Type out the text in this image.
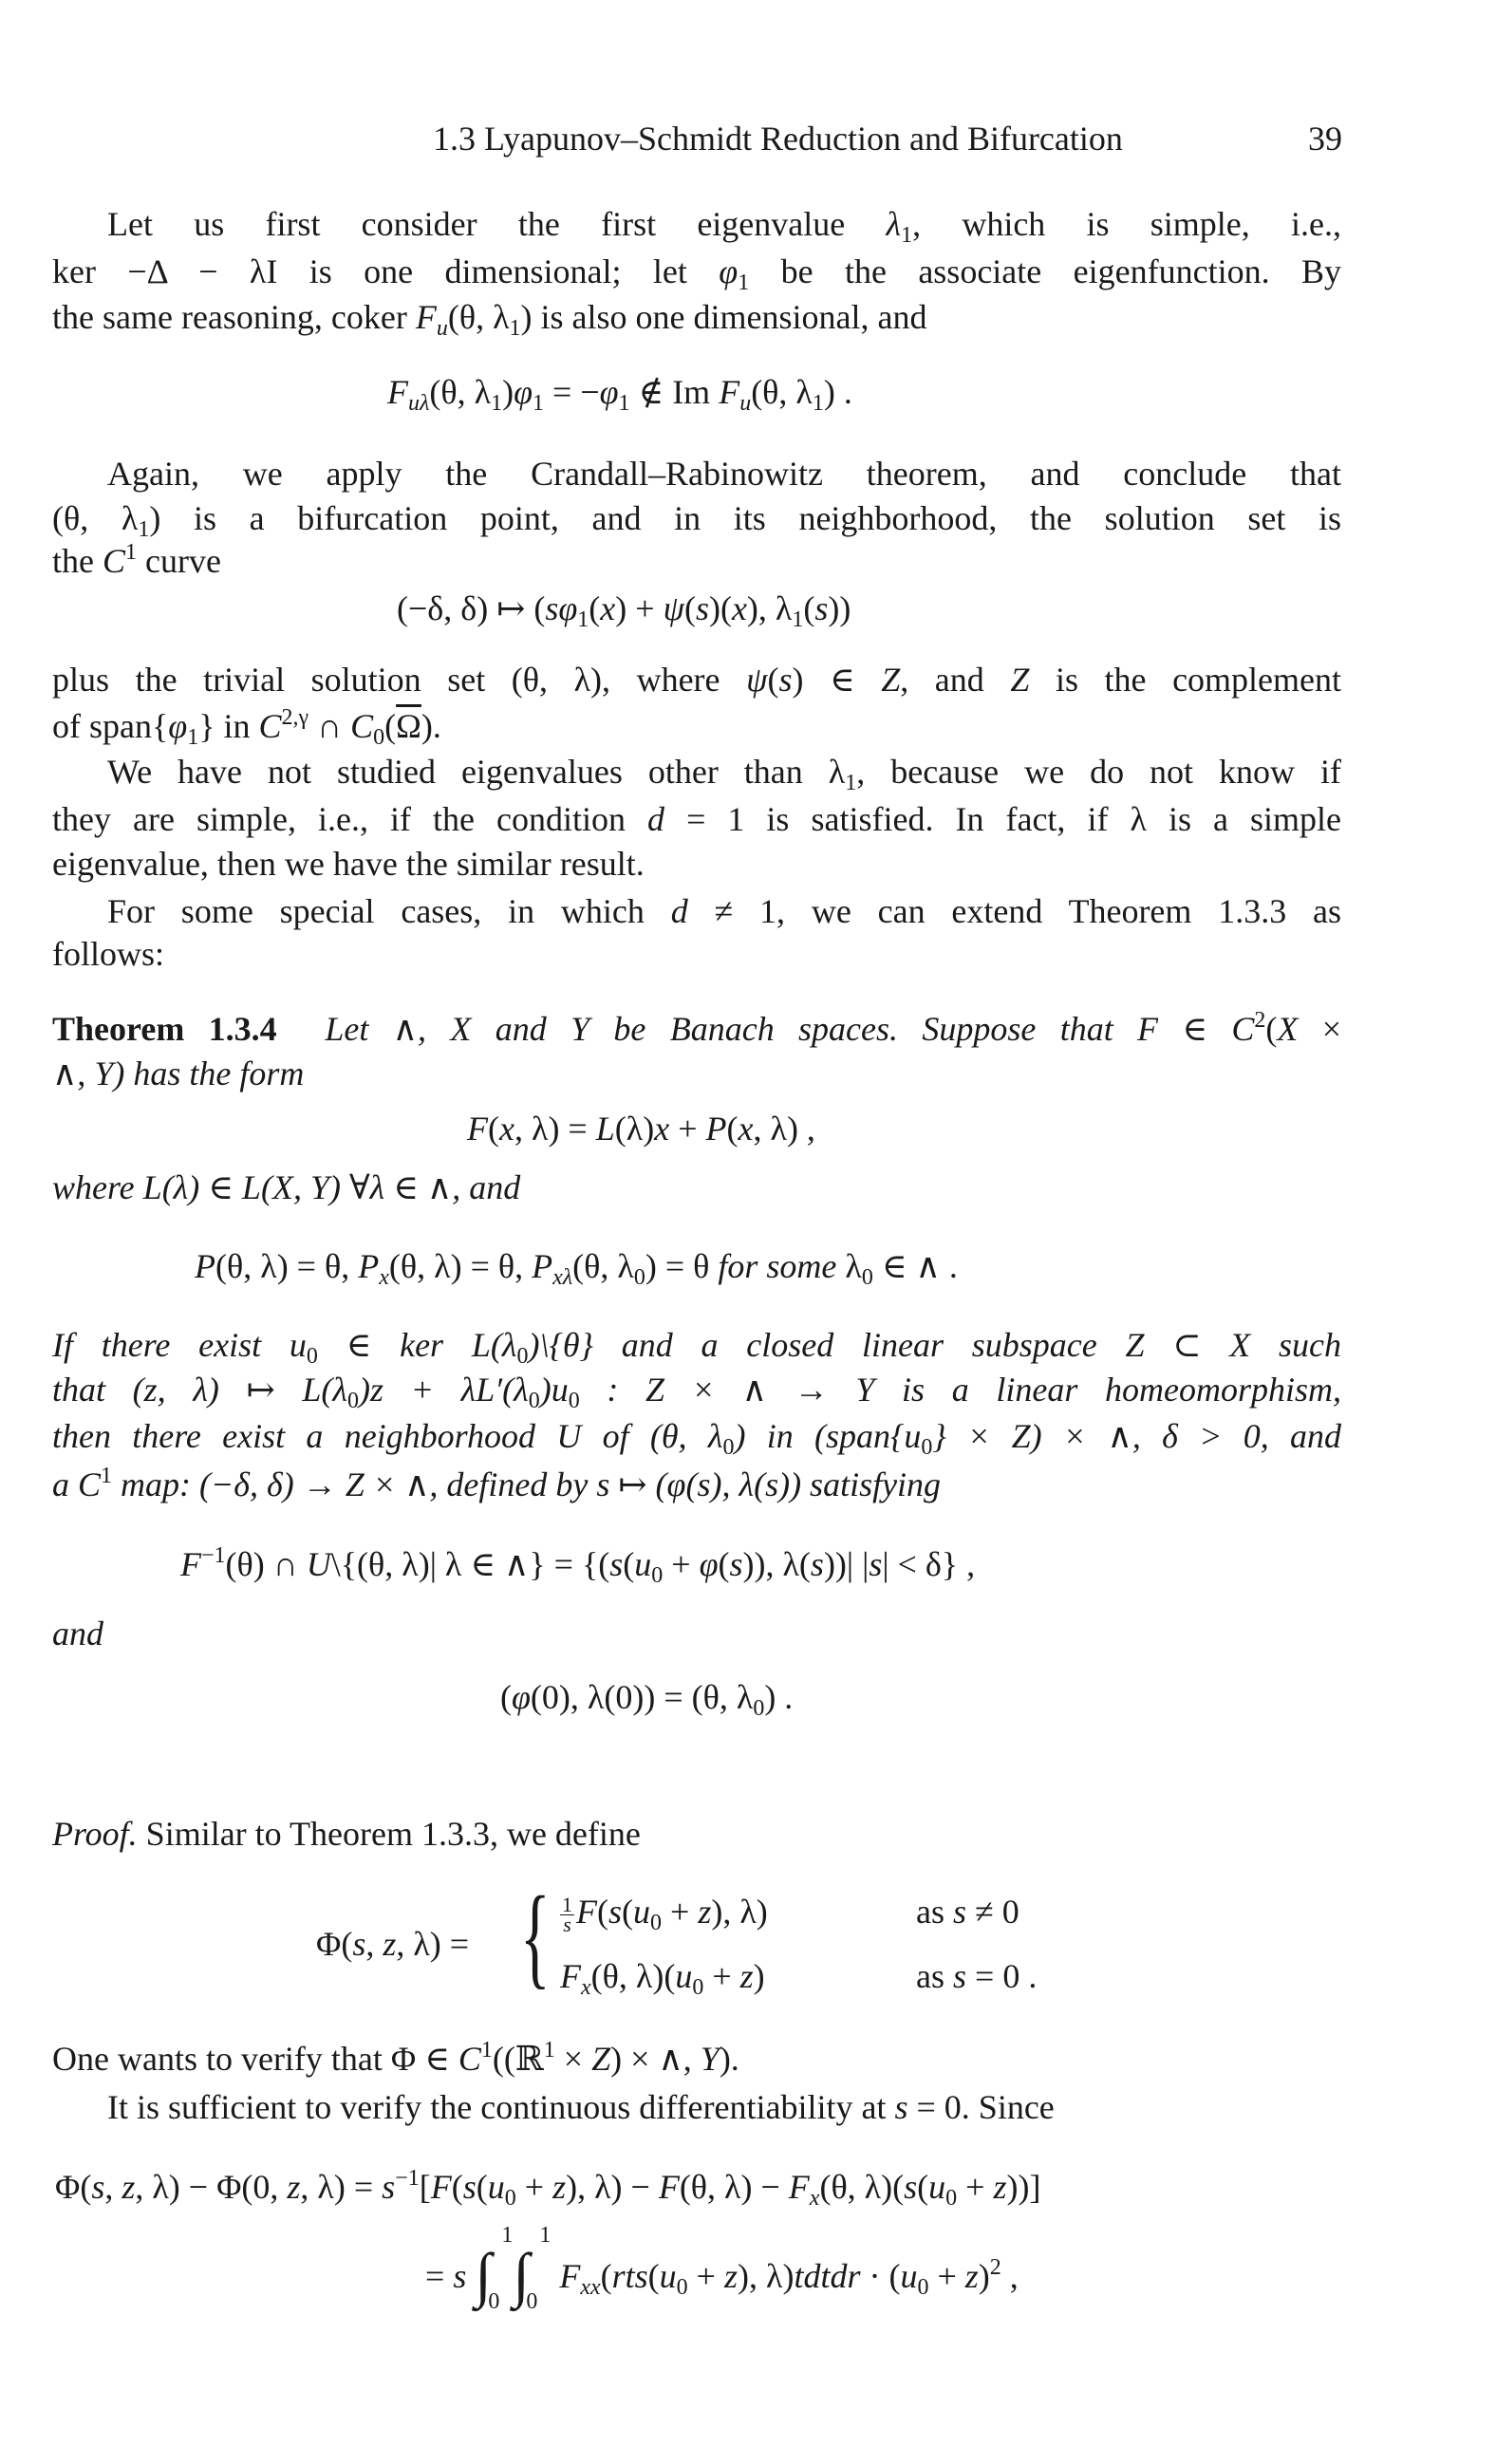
1.3 Lyapunov–Schmidt Reduction and Bifurcation	39
Let us first consider the first eigenvalue $\lambda_1$, which is simple, i.e.,
ker −Δ − λI is one dimensional; let $\varphi_1$ be the associate eigenfunction. By
the same reasoning, coker $F_u(\theta$, $\lambda_1$) is also one dimensional, and
$F_{u\lambda}(\theta$, $\lambda_1)\varphi_1 = -\varphi_1$ ∉ Im $F_u(\theta$, $\lambda_1$) .
Again, we apply the Crandall–Rabinowitz theorem, and conclude that
(θ, $\lambda_1$) is a bifurcation point, and in its neighborhood, the solution set is
the $C^1$ curve
(−δ, δ) ↦ ($s\varphi_1(x) + \psi(s)(x)$, $\lambda_1(s)$)
plus the trivial solution set (θ, λ), where ψ(s) ∈ Z, and Z is the complement
of $span\{\varphi_1\}$ in $C^{2,\gamma}$ ∩ $C_0(\overline{\Omega})$.
We have not studied eigenvalues other than $\lambda_1$, because we do not know if
they are simple, i.e., if the condition d = 1 is satisfied. In fact, if λ is a simple
eigenvalue, then we have the similar result.
For some special cases, in which d ≠ 1, we can extend Theorem 1.3.3 as
follows:
Theorem 1.3.4 Let ∧, X and Y be Banach spaces. Suppose that F ∈ $C^2(X$ ×
∧, Y) has the form
F(x, λ) = L(λ)x + P(x, λ) ,
where L(λ) ∈ L(X, Y) ∀λ ∈ ∧, and
P(θ, λ) = θ, $P_x(\theta$, λ) = θ, $P_{x\lambda}(\theta$, $\lambda_0) = \theta$ for some $\lambda_0$ ∈ ∧ .
If there exist $u_0$ ∈ ker $L(\lambda_0)\backslash\{\theta\}$ and a closed linear subspace Z ⊂ X such
that (z, λ) ↦ $L(\lambda_0)z + \lambda L'(\lambda_0)u_0$ : Z × ∧ → Y is a linear homeomorphism,
then there exist a neighborhood U of (θ, $\lambda_0$) in $(span\{u_0\} \times Z)$ × ∧, δ > 0, and
a $C^1$ map: (−δ, δ) → Z × ∧, defined by s ↦ (φ(s), λ(s)) satisfying
$F^{-1}(\theta)$ ∩ U\{(θ, λ)| λ ∈ ∧} = {($s(u_0 + \varphi(s))$, λ(s))| |s| < δ} ,
and
(φ(0), λ(0)) = (θ, $\lambda_0$) .
Proof. Similar to Theorem 1.3.3, we define
Φ(s, z, λ) = { $\frac{1}{s} F(s(u_0 + z)$, λ)	as s ≠ 0
$F_x(\theta$, $\lambda)(u_0 + z)$	as s = 0 .
One wants to verify that Φ ∈ $C^1((ℝ^1 \times Z)$ × ∧, Y).
It is sufficient to verify the continuous differentiability at s = 0. Since
Φ(s, z, λ) − Φ(0, z, $\lambda) = s^{-1}[F(s(u_0 + z)$, λ) − F(θ, $\lambda) - F_x(\theta$, $\lambda)(s(u_0 + z))$]
= s ∫
1
0 ∫
1
0
$F_{xx}(rts(u_0 + z)$, λ)tdtdr · $(u_0 + z)^2$ ,
